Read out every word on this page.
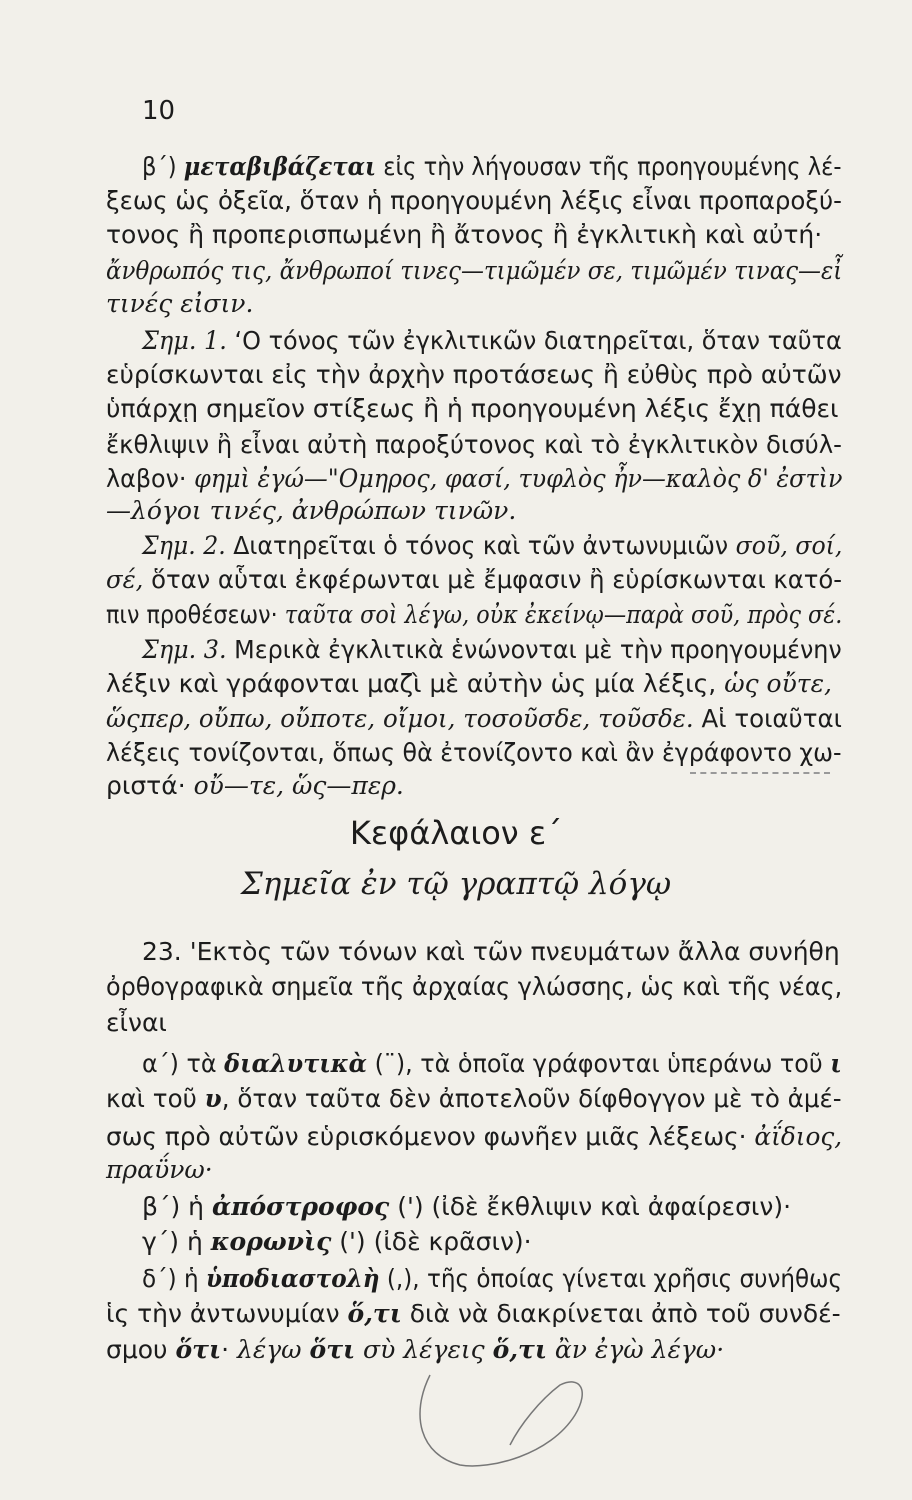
10
β΄) μεταβιβάζεται εἰς τὴν λήγουσαν τῆς προηγουμένης λέ-
ξεως ὡς ὀξεῖα, ὅταν ἡ προηγουμένη λέξις εἶναι προπαροξύ-
τονος ἢ προπερισπωμένη ἢ ἄτονος ἢ ἐγκλιτικὴ καὶ αὐτή·
ἄνθρωπός τις, ἄνθρωποί τινες—τιμῶμέν σε, τιμῶμέν τινας—εἶ
τινές εἰσιν.
Σημ. 1. ‘Ο τόνος τῶν ἐγκλιτικῶν διατηρεῖται, ὅταν ταῦτα
εὑρίσκωνται εἰς τὴν ἀρχὴν προτάσεως ἢ εὐθὺς πρὸ αὐτῶν
ὑπάρχῃ σημεῖον στίξεως ἢ ἡ προηγουμένη λέξις ἔχῃ πάθει
ἔκθλιψιν ἢ εἶναι αὐτὴ παροξύτονος καὶ τὸ ἐγκλιτικὸν δισύλ-
λαβον· φημὶ ἐγώ—"Ομηρος, φασί, τυφλὸς ἦν—καλὸς δ' ἐστὶν
—λόγοι τινές, ἀνθρώπων τινῶν.
Σημ. 2. Διατηρεῖται ὁ τόνος καὶ τῶν ἀντωνυμιῶν σοῦ, σοί,
σέ, ὅταν αὗται ἐκφέρωνται μὲ ἔμφασιν ἢ εὑρίσκωνται κατό-
πιν προθέσεων· ταῦτα σοὶ λέγω, οὐκ ἐκείνῳ—παρὰ σοῦ, πρὸς σέ.
Σημ. 3. Μερικὰ ἐγκλιτικὰ ἑνώνονται μὲ τὴν προηγουμένην
λέξιν καὶ γράφονται μαζὶ μὲ αὐτὴν ὡς μία λέξις, ὡς οὔτε,
ὥςπερ, οὔπω, οὔποτε, οἴμοι, τοσοῦσδε, τοῦσδε. Αἱ τοιαῦται
λέξεις τονίζονται, ὅπως θὰ ἐτονίζοντο καὶ ἂν ἐγράφοντο χω-
ριστά· οὔ—τε, ὥς—περ.
23. 'Εκτὸς τῶν τόνων καὶ τῶν πνευμάτων ἄλλα συνήθη
ὀρθογραφικὰ σημεῖα τῆς ἀρχαίας γλώσσης, ὡς καὶ τῆς νέας,
εἶναι
α΄) τὰ διαλυτικὰ (¨), τὰ ὁποῖα γράφονται ὑπεράνω τοῦ ι
καὶ τοῦ υ, ὅταν ταῦτα δὲν ἀποτελοῦν δίφθογγον μὲ τὸ ἀμέ-
σως πρὸ αὐτῶν εὑρισκόμενον φωνῆεν μιᾶς λέξεως· ἀΐδιος,
πραΰνω·
β΄) ἡ ἀπόστροφος (') (ἰδὲ ἔκθλιψιν καὶ ἀφαίρεσιν)·
γ΄) ἡ κορωνὶς (') (ἰδὲ κρᾶσιν)·
δ΄) ἡ ὑποδιαστολὴ (,), τῆς ὁποίας γίνεται χρῆσις συνήθως
ἱς τὴν ἀντωνυμίαν ὅ,τι διὰ νὰ διακρίνεται ἀπὸ τοῦ συνδέ-
σμου ὅτι· λέγω ὅτι σὺ λέγεις ὅ,τι ἂν ἐγὼ λέγω·
Κεφάλαιον ε΄
Σημεῖα ἐν τῷ γραπτῷ λόγῳ
